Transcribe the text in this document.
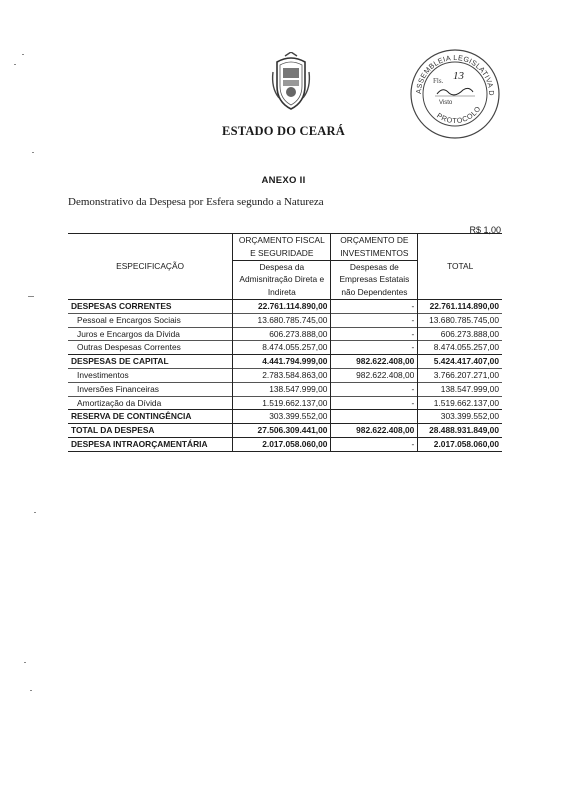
ASSEMBLEIA LEGISLATIVA D
PROTOCOLO
Fls. 13
Visto
ESTADO DO CEARÁ
ANEXO II
Demonstrativo da Despesa por Esfera segundo a Natureza
R$ 1,00
ESPECIFICAÇÃO	ORÇAMENTO FISCAL E SEGURIDADE	ORÇAMENTO DE INVESTIMENTOS	TOTAL
	Despesa da Admisnitração Direta e Indireta	Despesas de Empresas Estatais não Dependentes	
DESPESAS CORRENTES	22.761.114.890,00	-	22.761.114.890,00
Pessoal e Encargos Sociais	13.680.785.745,00	-	13.680.785.745,00
Juros e Encargos da Dívida	606.273.888,00	-	606.273.888,00
Outras Despesas Correntes	8.474.055.257,00	-	8.474.055.257,00
DESPESAS DE CAPITAL	4.441.794.999,00	982.622.408,00	5.424.417.407,00
Investimentos	2.783.584.863,00	982.622.408,00	3.766.207.271,00
Inversões Financeiras	138.547.999,00	-	138.547.999,00
Amortização da Dívida	1.519.662.137,00	-	1.519.662.137,00
RESERVA DE CONTINGÊNCIA	303.399.552,00		303.399.552,00
TOTAL DA DESPESA	27.506.309.441,00	982.622.408,00	28.488.931.849,00
DESPESA INTRAORÇAMENTÁRIA	2.017.058.060,00	-	2.017.058.060,00
